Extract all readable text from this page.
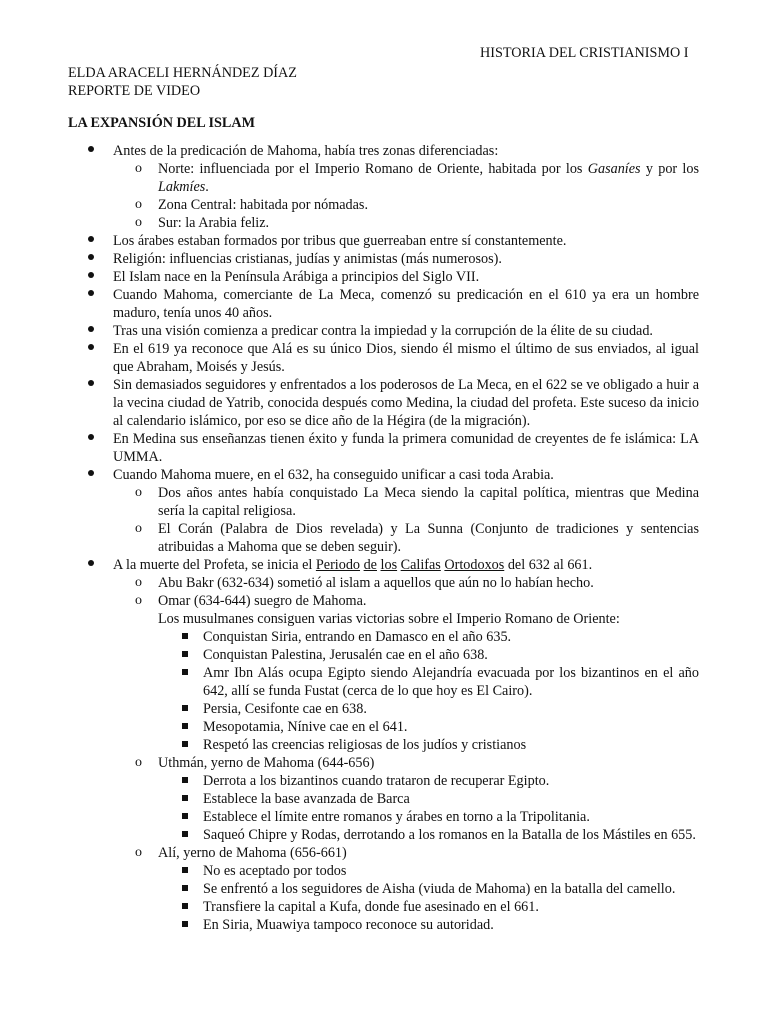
HISTORIA DEL CRISTIANISMO I
ELDA ARACELI HERNÁNDEZ DÍAZ
REPORTE DE VIDEO
LA EXPANSIÓN DEL ISLAM
Antes de la predicación de Mahoma, había tres zonas diferenciadas:
o Norte: influenciada por el Imperio Romano de Oriente, habitada por los Gasaníes y por los Lakmíes.
o Zona Central: habitada por nómadas.
o Sur: la Arabia feliz.
Los árabes estaban formados por tribus que guerreaban entre sí constantemente.
Religión: influencias cristianas, judías y animistas (más numerosos).
El Islam nace en la Península Arábiga a principios del Siglo VII.
Cuando Mahoma, comerciante de La Meca, comenzó su predicación en el 610 ya era un hombre maduro, tenía unos 40 años.
Tras una visión comienza a predicar contra la impiedad y la corrupción de la élite de su ciudad.
En el 619 ya reconoce que Alá es su único Dios, siendo él mismo el último de sus enviados, al igual que Abraham, Moisés y Jesús.
Sin demasiados seguidores y enfrentados a los poderosos de La Meca, en el 622 se ve obligado a huir a la vecina ciudad de Yatrib, conocida después como Medina, la ciudad del profeta. Este suceso da inicio al calendario islámico, por eso se dice año de la Hégira (de la migración).
En Medina sus enseñanzas tienen éxito y funda la primera comunidad de creyentes de fe islámica: LA UMMA.
Cuando Mahoma muere, en el 632, ha conseguido unificar a casi toda Arabia.
o Dos años antes había conquistado La Meca siendo la capital política, mientras que Medina sería la capital religiosa.
o El Corán (Palabra de Dios revelada) y La Sunna (Conjunto de tradiciones y sentencias atribuidas a Mahoma que se deben seguir).
A la muerte del Profeta, se inicia el Periodo de los Califas Ortodoxos del 632 al 661.
o Abu Bakr (632-634) sometió al islam a aquellos que aún no lo habían hecho.
o Omar (634-644) suegro de Mahoma.
Los musulmanes consiguen varias victorias sobre el Imperio Romano de Oriente:
Conquistan Siria, entrando en Damasco en el año 635.
Conquistan Palestina, Jerusalén cae en el año 638.
Amr Ibn Alás ocupa Egipto siendo Alejandría evacuada por los bizantinos en el año 642, allí se funda Fustat (cerca de lo que hoy es El Cairo).
Persia, Cesifonte cae en 638.
Mesopotamia, Nínive cae en el 641.
Respetó las creencias religiosas de los judíos y cristianos
o Uthmán, yerno de Mahoma (644-656)
Derrota a los bizantinos cuando trataron de recuperar Egipto.
Establece la base avanzada de Barca
Establece el límite entre romanos y árabes en torno a la Tripolitania.
Saqueó Chipre y Rodas, derrotando a los romanos en la Batalla de los Mástiles en 655.
o Alí, yerno de Mahoma (656-661)
No es aceptado por todos
Se enfrentó a los seguidores de Aisha (viuda de Mahoma) en la batalla del camello.
Transfiere la capital a Kufa, donde fue asesinado en el 661.
En Siria, Muawiya tampoco reconoce su autoridad.
